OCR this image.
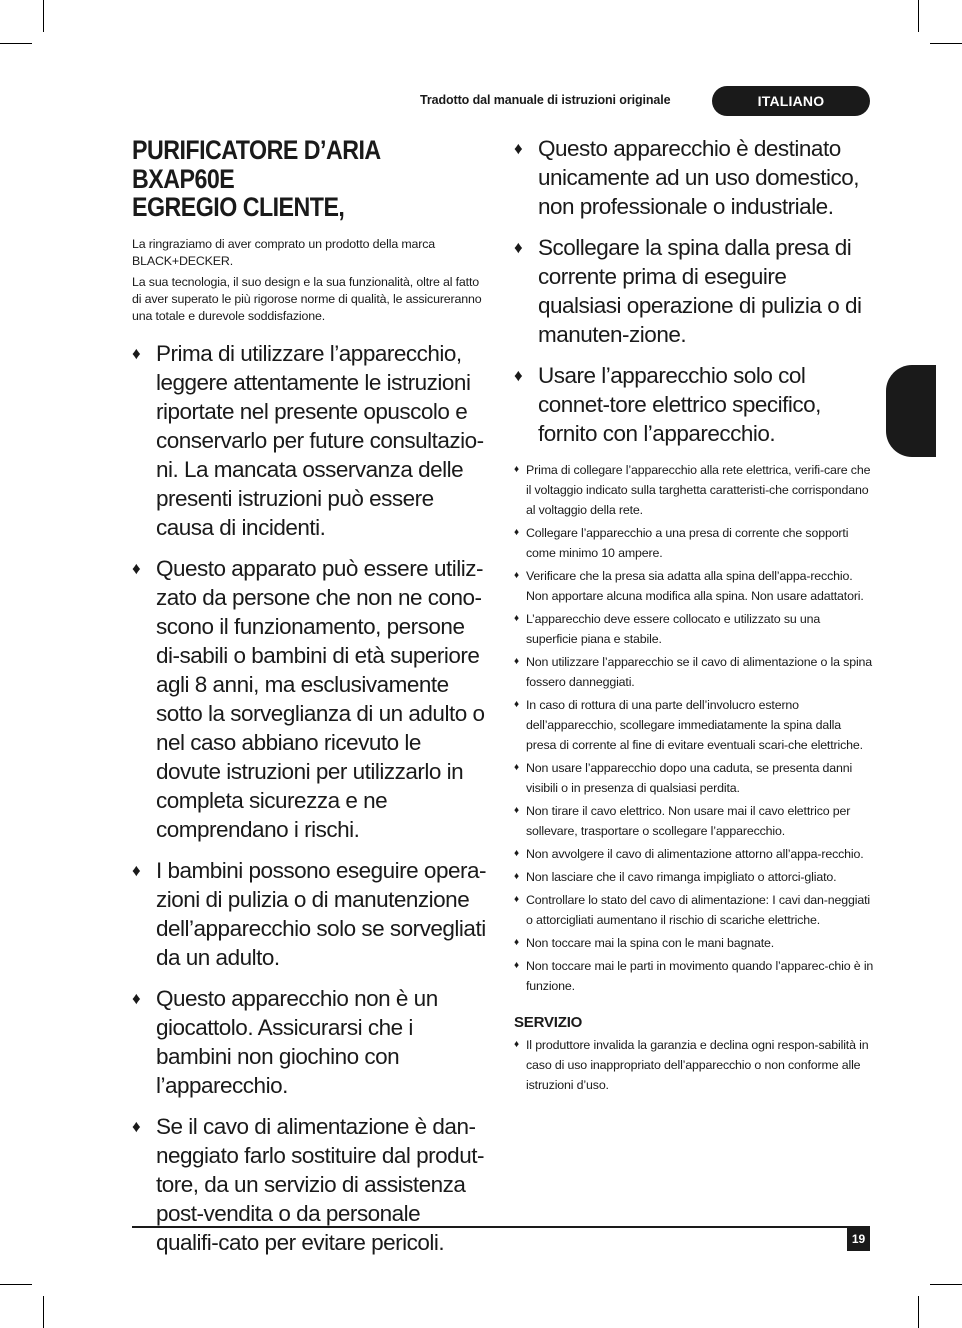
Tradotto dal manuale di istruzioni originale	ITALIANO
PURIFICATORE D’ARIA
BXAP60E
EGREGIO CLIENTE,

La ringraziamo di aver comprato un prodotto della marca BLACK+DECKER.

La sua tecnologia, il suo design e la sua funzionalità, oltre al fatto di aver superato le più rigorose norme di qualità, le assicureranno una totale e durevole soddisfazione.

♦ Prima di utilizzare l’apparecchio, leggere attentamente le istruzioni riportate nel presente opuscolo e conservarlo per future consultazio-ni. La mancata osservanza delle presenti istruzioni può essere causa di incidenti.
♦ Questo apparato può essere utiliz-zato da persone che non ne cono-scono il funzionamento, persone di-sabili o bambini di età superiore agli 8 anni, ma esclusivamente sotto la sorveglianza di un adulto o nel caso abbiano ricevuto le dovute istruzioni per utilizzarlo in completa sicurezza e ne comprendano i rischi.
♦ I bambini possono eseguire opera-zioni di pulizia o di manutenzione dell’apparecchio solo se sorvegliati da un adulto.
♦ Questo apparecchio non è un giocattolo. Assicurarsi che i bambini non giochino con l’apparecchio.
♦ Se il cavo di alimentazione è dan-neggiato farlo sostituire dal produt-tore, da un servizio di assistenza post-vendita o da personale qualifi-cato per evitare pericoli.
♦ Questo apparecchio è destinato unicamente ad un uso domestico, non professionale o industriale.
♦ Scollegare la spina dalla presa di corrente prima di eseguire qualsiasi operazione di pulizia o di manuten-zione.
♦ Usare l’apparecchio solo col connet-tore elettrico specifico, fornito con l’apparecchio.
♦ Prima di collegare l’apparecchio alla rete elettrica, verifi-care che il voltaggio indicato sulla targhetta caratteristi-che corrispondano al voltaggio della rete.
♦ Collegare l’apparecchio a una presa di corrente che sopporti come minimo 10 ampere.
♦ Verificare che la presa sia adatta alla spina dell’appa-recchio. Non apportare alcuna modifica alla spina. Non usare adattatori.
♦ L’apparecchio deve essere collocato e utilizzato su una superficie piana e stabile.
♦ Non utilizzare l’apparecchio se il cavo di alimentazione o la spina fossero danneggiati.
♦ In caso di rottura di una parte dell’involucro esterno dell’apparecchio, scollegare immediatamente la spina dalla presa di corrente al fine di evitare eventuali scari-che elettriche.
♦ Non usare l’apparecchio dopo una caduta, se presenta danni visibili o in presenza di qualsiasi perdita.
♦ Non tirare il cavo elettrico. Non usare mai il cavo elettrico per sollevare, trasportare o scollegare l’apparecchio.
♦ Non avvolgere il cavo di alimentazione attorno all’appa-recchio.
♦ Non lasciare che il cavo rimanga impigliato o attorci-gliato.
♦ Controllare lo stato del cavo di alimentazione: I cavi dan-neggiati o attorcigliati aumentano il rischio di scariche elettriche.
♦ Non toccare mai la spina con le mani bagnate.
♦ Non toccare mai le parti in movimento quando l’apparec-chio è in funzione.
SERVIZIO
♦ Il produttore invalida la garanzia e declina ogni respon-sabilità in caso di uso inappropriato dell’apparecchio o non conforme alle istruzioni d’uso.
19
